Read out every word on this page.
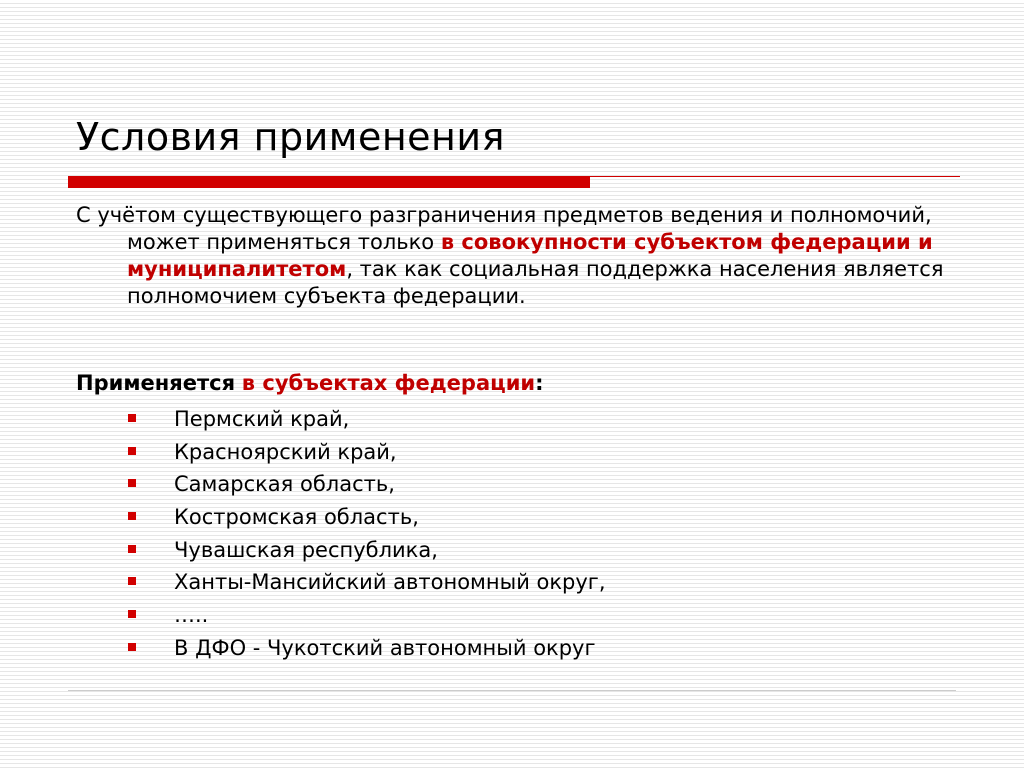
Условия применения

С учётом существующего разграничения предметов ведения и полномочий, может применяться только в совокупности субъектом федерации и муниципалитетом, так как социальная поддержка населения является полномочием субъекта федерации.

Применяется в субъектах федерации:

Пермский край,
Красноярский край,
Самарская область,
Костромская область,
Чувашская республика,
Ханты-Мансийский автономный округ,
…..
В ДФО - Чукотский автономный округ
